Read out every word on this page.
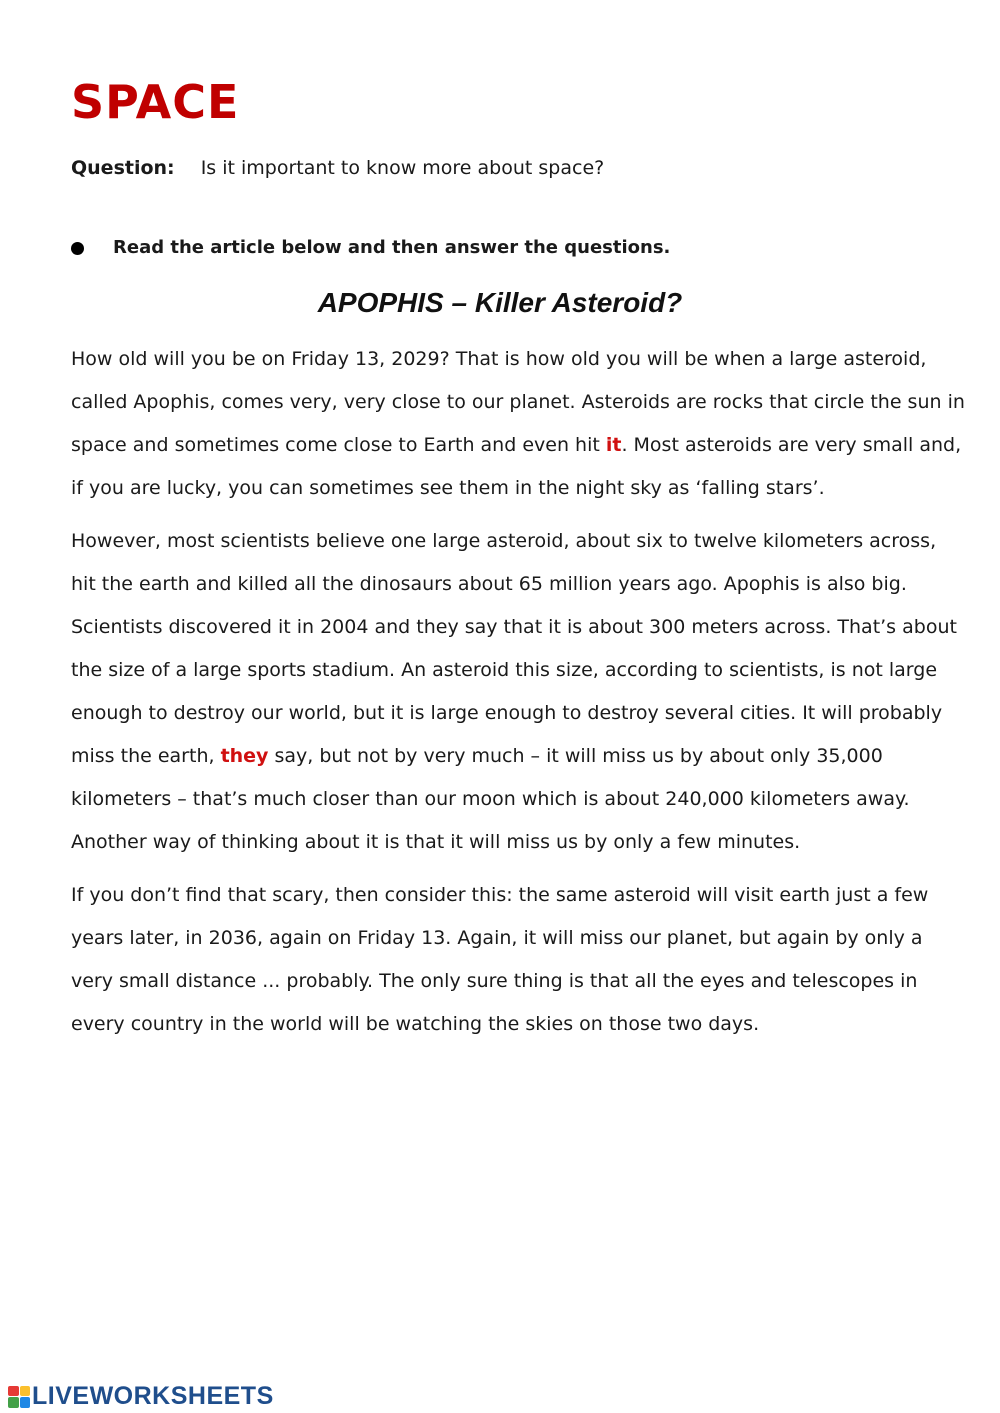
SPACE
Question: Is it important to know more about space?
Read the article below and then answer the questions.
APOPHIS – Killer Asteroid?

How old will you be on Friday 13, 2029? That is how old you will be when a large asteroid, called Apophis, comes very, very close to our planet. Asteroids are rocks that circle the sun in space and sometimes come close to Earth and even hit it. Most asteroids are very small and, if you are lucky, you can sometimes see them in the night sky as ‘falling stars’.

However, most scientists believe one large asteroid, about six to twelve kilometers across, hit the earth and killed all the dinosaurs about 65 million years ago. Apophis is also big. Scientists discovered it in 2004 and they say that it is about 300 meters across. That’s about the size of a large sports stadium. An asteroid this size, according to scientists, is not large enough to destroy our world, but it is large enough to destroy several cities. It will probably miss the earth, they say, but not by very much – it will miss us by about only 35,000 kilometers – that’s much closer than our moon which is about 240,000 kilometers away. Another way of thinking about it is that it will miss us by only a few minutes.

If you don’t find that scary, then consider this: the same asteroid will visit earth just a few years later, in 2036, again on Friday 13. Again, it will miss our planet, but again by only a very small distance ... probably. The only sure thing is that all the eyes and telescopes in every country in the world will be watching the skies on those two days.

LIVEWORKSHEETS
